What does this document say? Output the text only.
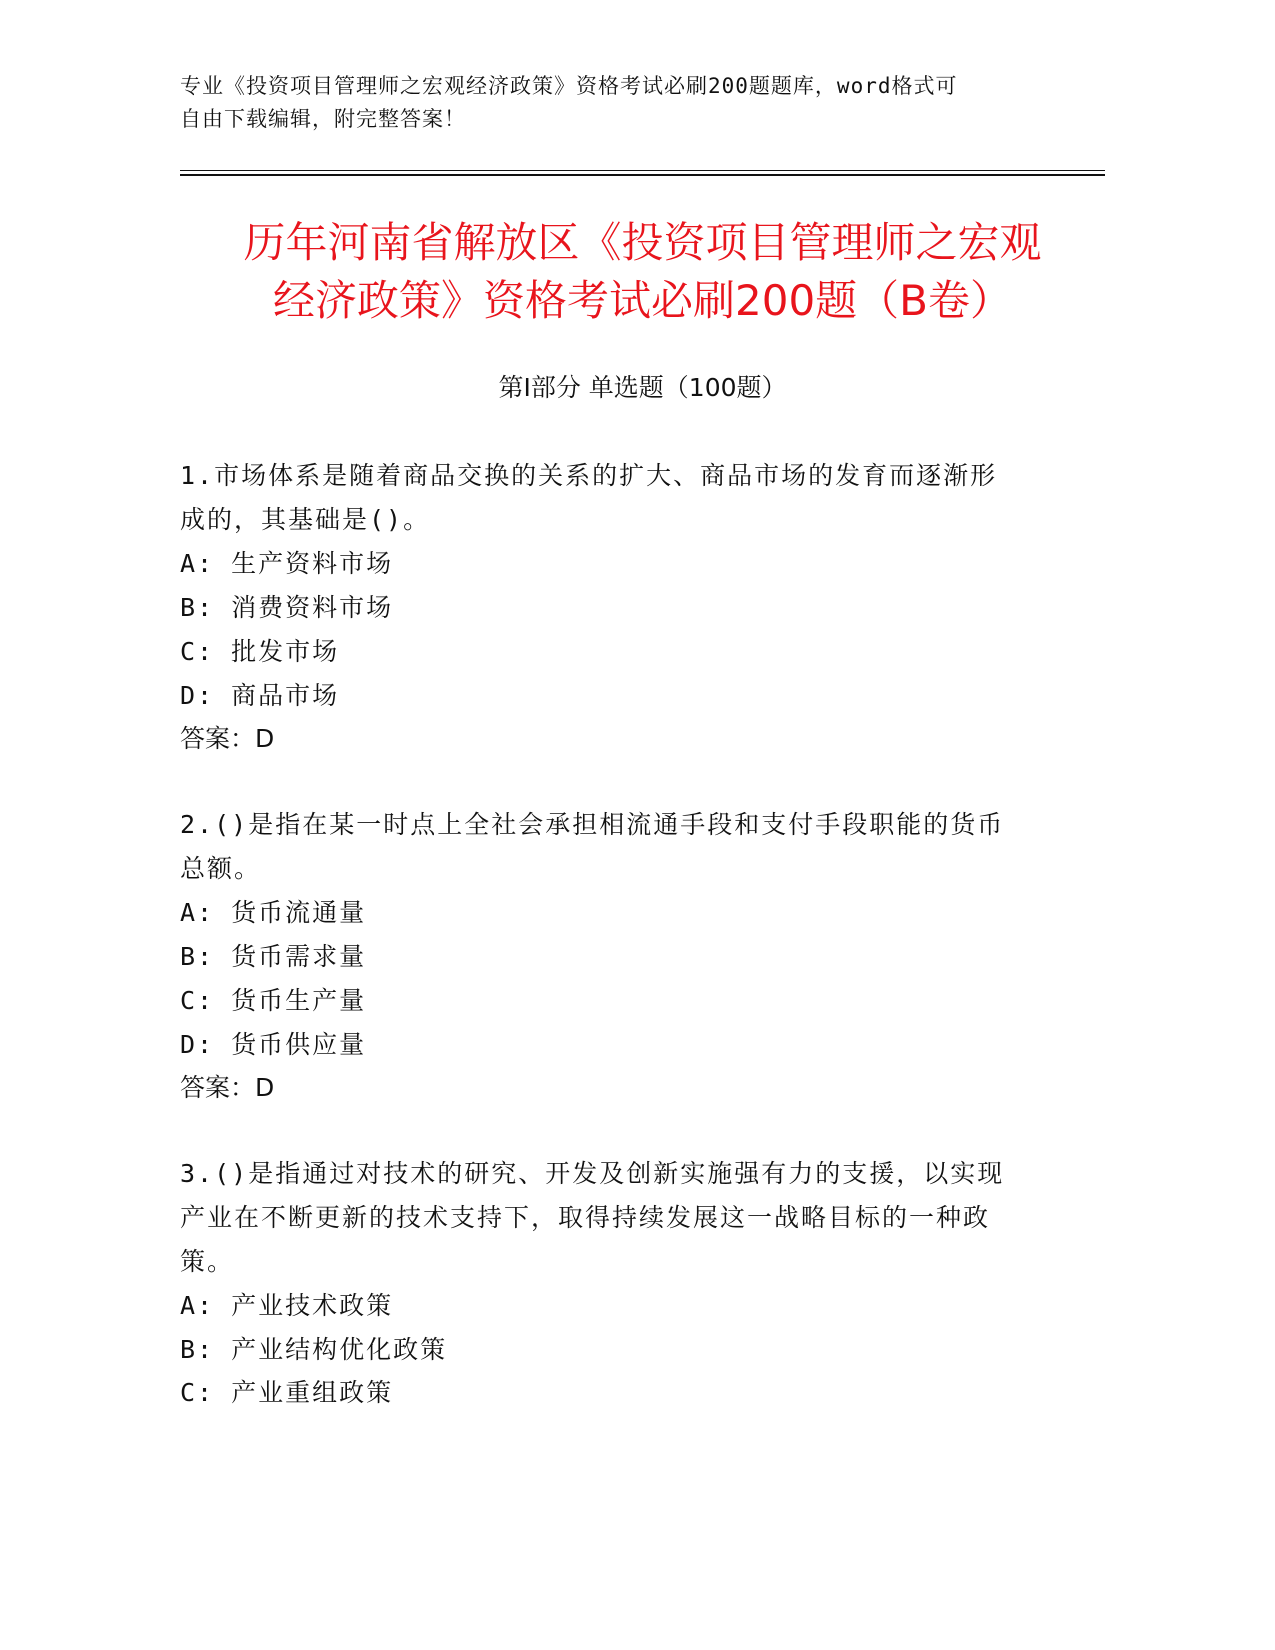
专业《投资项目管理师之宏观经济政策》资格考试必刷200题题库，word格式可
自由下载编辑，附完整答案！
历年河南省解放区《投资项目管理师之宏观
经济政策》资格考试必刷200题（B卷）
第Ⅰ部分 单选题（100题）
1.市场体系是随着商品交换的关系的扩大、商品市场的发育而逐渐形
成的，其基础是()。
A: 生产资料市场
B: 消费资料市场
C: 批发市场
D: 商品市场
答案：D
2.()是指在某一时点上全社会承担相流通手段和支付手段职能的货币
总额。
A: 货币流通量
B: 货币需求量
C: 货币生产量
D: 货币供应量
答案：D
3.()是指通过对技术的研究、开发及创新实施强有力的支援，以实现
产业在不断更新的技术支持下，取得持续发展这一战略目标的一种政
策。
A: 产业技术政策
B: 产业结构优化政策
C: 产业重组政策
